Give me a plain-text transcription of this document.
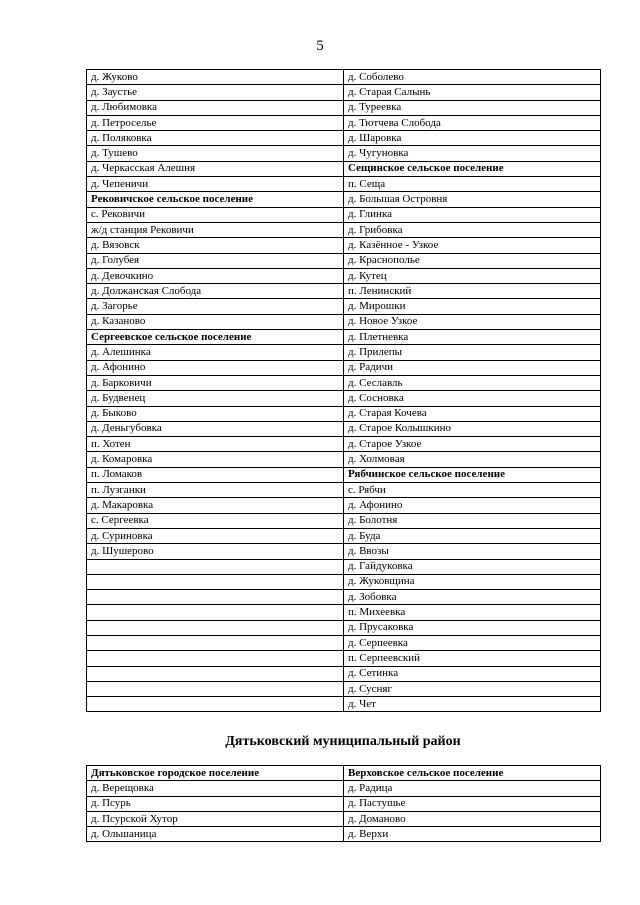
5
д. Жуково	д. Соболево
д. Заустье	д. Старая Салынь
д. Любимовка	д. Туреевка
д. Петроселье	д. Тютчева Слобода
д. Поляковка	д. Шаровка
д. Тушево	д. Чугуновка
д. Черкасская Алешня	Сещинское сельское поселение
д. Чепеничи	п. Сеща
Рековичское сельское поселение	д. Большая Островня
с. Рековичи	д. Глинка
ж/д станция Рековичи	д. Грибовка
д. Вязовск	д. Казённое - Узкое
д. Голубея	д. Краснополье
д. Девочкино	д. Кутец
д. Должанская Слобода	п. Ленинский
д. Загорье	д. Мирошки
д. Казаново	д. Новое Узкое
Сергеевское сельское поселение	д. Плетневка
д. Алешинка	д. Прилепы
д. Афонино	д. Радичи
д. Барковичи	д. Сеславль
д. Будвенец	д. Сосновка
д. Быково	д. Старая Кочева
д. Деньгубовка	д. Старое Колышкино
п. Хотен	д. Старое Узкое
д. Комаровка	д. Холмовая
п. Ломаков	Рябчинское сельское поселение
п. Лузганки	с. Рябчи
д. Макаровка	д. Афонино
с. Сергеевка	д. Болотня
д. Суриновка	д. Буда
д. Шушерово	д. Ввозы
	д. Гайдуковка
	д. Жуковщина
	д. Зобовка
	п. Михеевка
	д. Прусаковка
	д. Серпеевка
	п. Серпеевский
	д. Сетинка
	д. Сусняг
	д. Чет
Дятьковский муниципальный район
Дятьковское городское поселение	Верховское сельское поселение
д. Верещовка	д. Радица
д. Псурь	д. Пастушье
д. Псурской Хутор	д. Доманово
д. Ольшаница	д. Верхи
